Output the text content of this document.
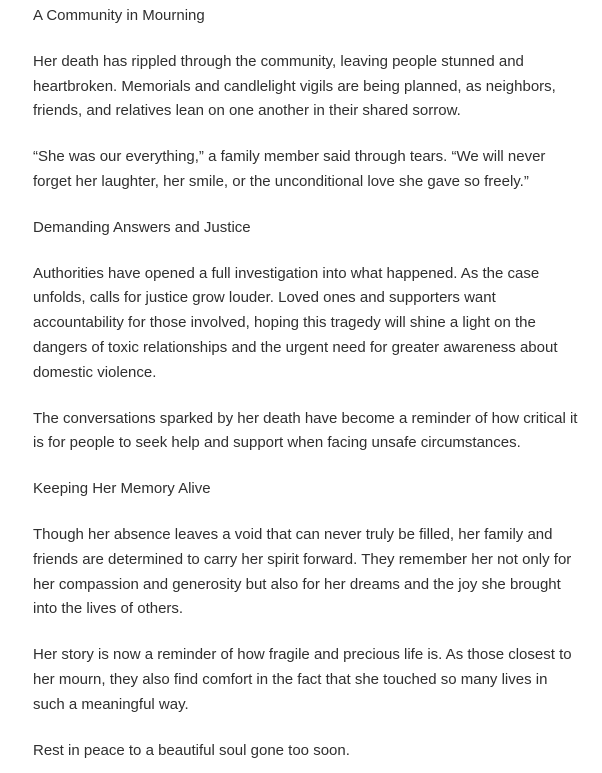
A Community in Mourning

Her death has rippled through the community, leaving people stunned and heartbroken. Memorials and candlelight vigils are being planned, as neighbors, friends, and relatives lean on one another in their shared sorrow.

“She was our everything,” a family member said through tears. “We will never forget her laughter, her smile, or the unconditional love she gave so freely.”

Demanding Answers and Justice

Authorities have opened a full investigation into what happened. As the case unfolds, calls for justice grow louder. Loved ones and supporters want accountability for those involved, hoping this tragedy will shine a light on the dangers of toxic relationships and the urgent need for greater awareness about domestic violence.

The conversations sparked by her death have become a reminder of how critical it is for people to seek help and support when facing unsafe circumstances.

Keeping Her Memory Alive

Though her absence leaves a void that can never truly be filled, her family and friends are determined to carry her spirit forward. They remember her not only for her compassion and generosity but also for her dreams and the joy she brought into the lives of others.

Her story is now a reminder of how fragile and precious life is. As those closest to her mourn, they also find comfort in the fact that she touched so many lives in such a meaningful way.

Rest in peace to a beautiful soul gone too soon.
